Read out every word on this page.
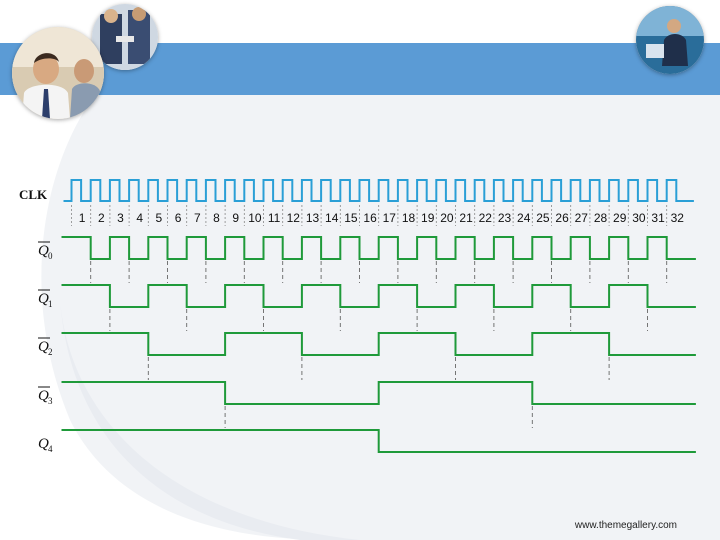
CLK
Q 0
Q 1
Q 2
Q 3
Q 4
1 2 3 4 5 6 7 8 9 10 11 12 13 14 15 16 17 18 19 20 21 22 23 24 25 26 27 28 29 30 31 32
www.themegallery.com
